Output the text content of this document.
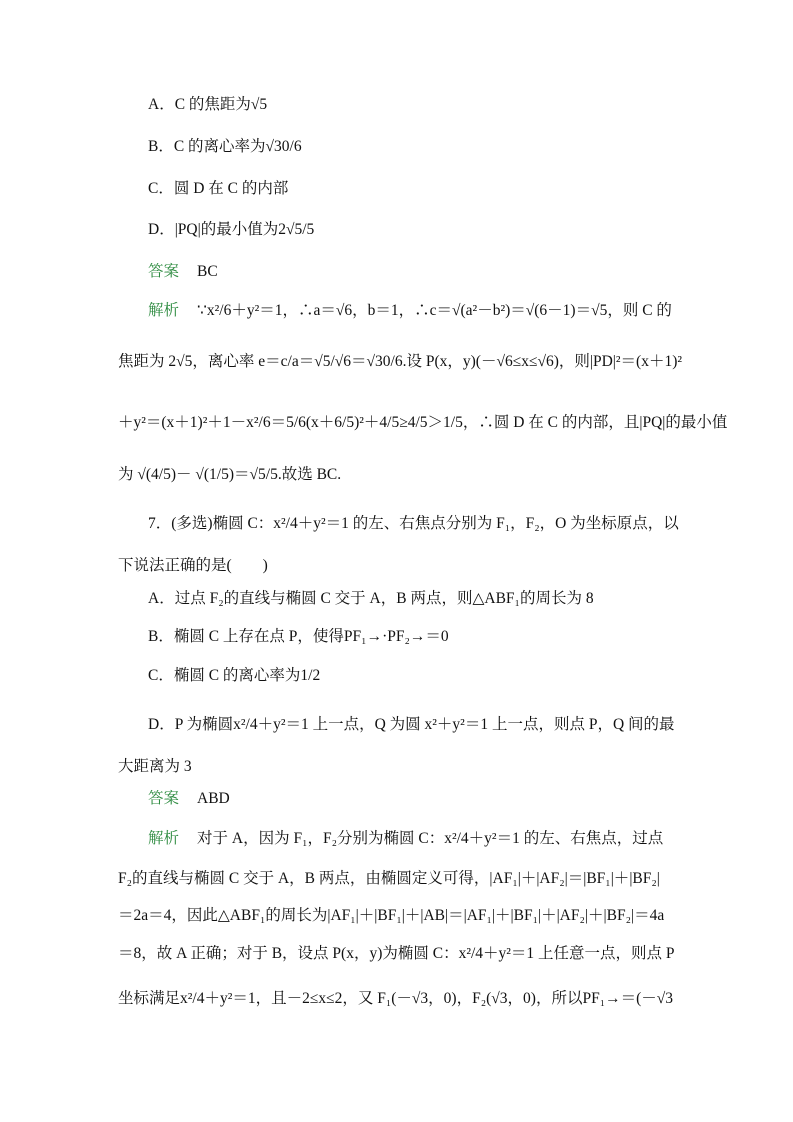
A．C 的焦距为√5
B．C 的离心率为√30/6
C．圆 D 在 C 的内部
D．|PQ|的最小值为2√5/5
答案 BC
解析 ∵x²/6＋y²＝1，∴a＝√6，b＝1，∴c＝√(a²－b²)＝√(6－1)＝√5，则 C 的
焦距为 2√5，离心率 e＝c/a＝√5/√6＝√30/6.设 P(x，y)(－√6≤x≤√6)，则|PD|²＝(x＋1)²
＋y²＝(x＋1)²＋1－x²/6＝5/6(x＋6/5)²＋4/5≥4/5＞1/5，∴圆 D 在 C 的内部，且|PQ|的最小值
为 √(4/5)－ √(1/5)＝√5/5.故选 BC.
7．(多选)椭圆 C：x²/4＋y²＝1 的左、右焦点分别为 F₁，F₂，O 为坐标原点，以
下说法正确的是(　　)
A．过点 F₂的直线与椭圆 C 交于 A，B 两点，则△ABF₁的周长为 8
B．椭圆 C 上存在点 P，使得PF₁→·PF₂→＝0
C．椭圆 C 的离心率为1/2
D．P 为椭圆x²/4＋y²＝1 上一点，Q 为圆 x²＋y²＝1 上一点，则点 P，Q 间的最
大距离为 3
答案 ABD
解析 对于 A，因为 F₁，F₂分别为椭圆 C：x²/4＋y²＝1 的左、右焦点，过点
F₂的直线与椭圆 C 交于 A，B 两点，由椭圆定义可得，|AF₁|＋|AF₂|＝|BF₁|＋|BF₂|
＝2a＝4，因此△ABF₁的周长为|AF₁|＋|BF₁|＋|AB|＝|AF₁|＋|BF₁|＋|AF₂|＋|BF₂|＝4a
＝8，故 A 正确；对于 B，设点 P(x，y)为椭圆 C：x²/4＋y²＝1 上任意一点，则点 P
坐标满足x²/4＋y²＝1，且－2≤x≤2，又 F₁(－√3，0)，F₂(√3，0)，所以PF₁→＝(－√3
